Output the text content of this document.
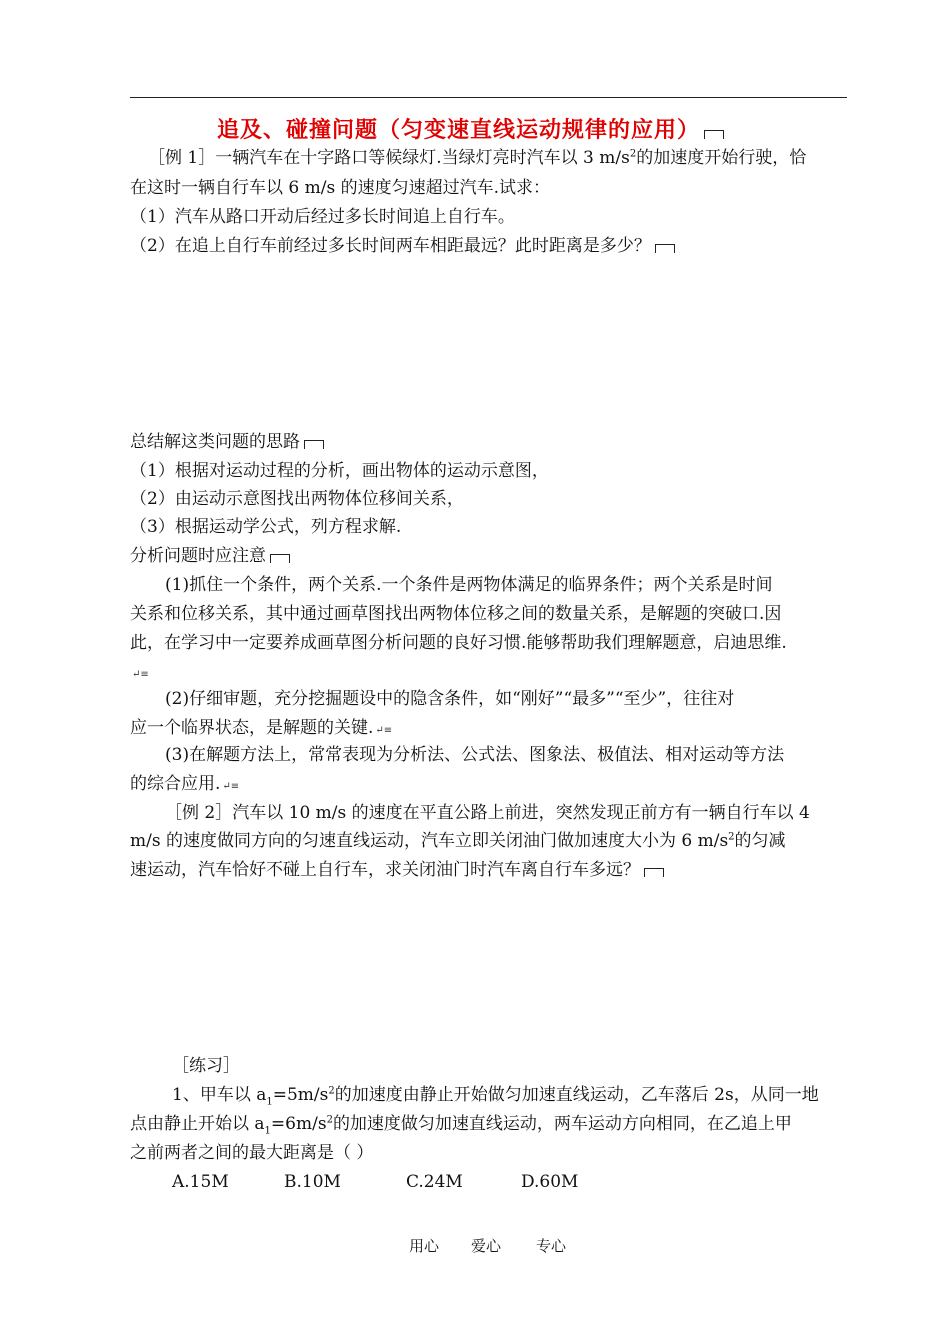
追及、碰撞问题（匀变速直线运动规律的应用）
［例 1］一辆汽车在十字路口等候绿灯.当绿灯亮时汽车以 3 $m/s^2$的加速度开始行驶，恰
在这时一辆自行车以 6 m/s 的速度匀速超过汽车.试求：
（1）汽车从路口开动后经过多长时间追上自行车。
（2）在追上自行车前经过多长时间两车相距最远？此时距离是多少？
总结解这类问题的思路
（1）根据对运动过程的分析，画出物体的运动示意图，
（2）由运动示意图找出两物体位移间关系，
（3）根据运动学公式，列方程求解.
分析问题时应注意
(1)抓住一个条件，两个关系.一个条件是两物体满足的临界条件；两个关系是时间
关系和位移关系，其中通过画草图找出两物体位移之间的数量关系，是解题的突破口.因
此，在学习中一定要养成画草图分析问题的良好习惯.能够帮助我们理解题意，启迪思维.
↵≡
(2)仔细审题，充分挖掘题设中的隐含条件，如“刚好”“最多”“至少”，往往对
应一个临界状态，是解题的关键. ↵≡
(3)在解题方法上，常常表现为分析法、公式法、图象法、极值法、相对运动等方法
的综合应用. ↵≡
［例 2］汽车以 10 m/s 的速度在平直公路上前进，突然发现正前方有一辆自行车以 4
m/s 的速度做同方向的匀速直线运动，汽车立即关闭油门做加速度大小为 6 $m/s^2$的匀减
速运动，汽车恰好不碰上自行车，求关闭油门时汽车离自行车多远？
［练习］
1、甲车以 $a_1=5m/s^2$的加速度由静止开始做匀加速直线运动，乙车落后 2s，从同一地
点由静止开始以 $a_1=6m/s^2$的加速度做匀加速直线运动，两车运动方向相同，在乙追上甲
之前两者之间的最大距离是（ ）
A.15M	B.10M	C.24M	D.60M
用心 爱心 专心
